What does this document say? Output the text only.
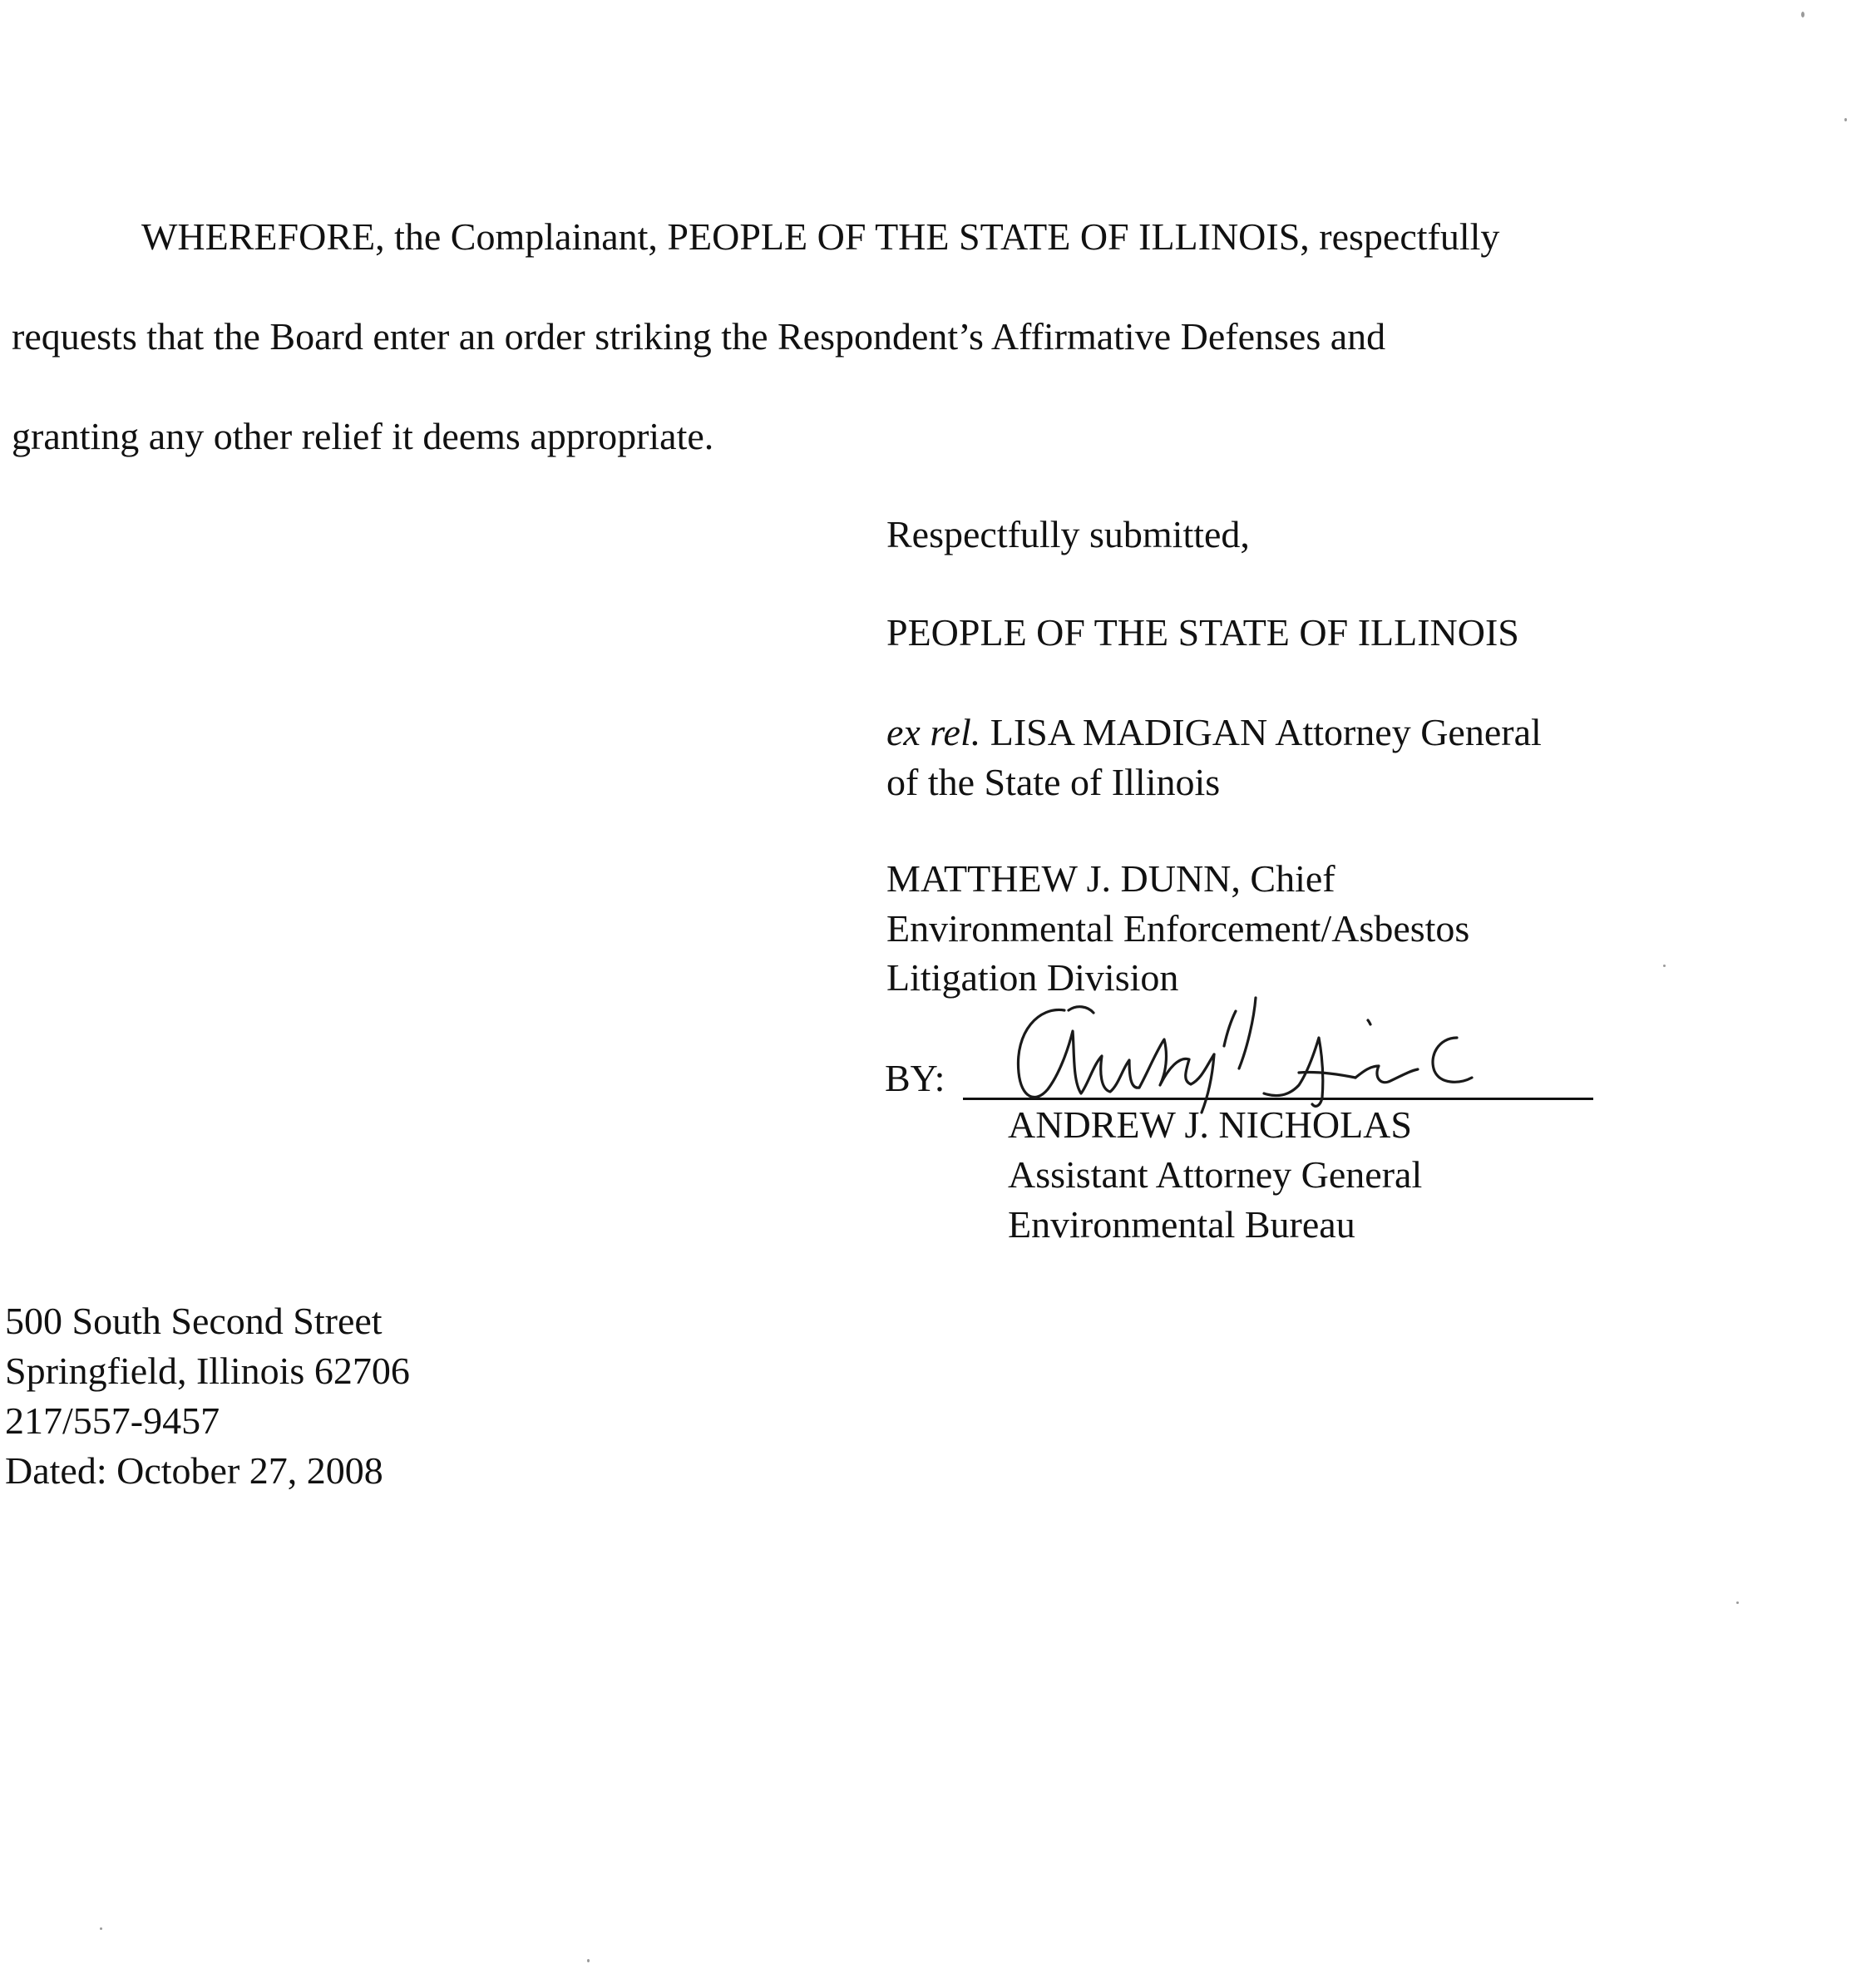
WHEREFORE, the Complainant, PEOPLE OF THE STATE OF ILLINOIS, respectfully
requests that the Board enter an order striking the Respondent’s Affirmative Defenses and
granting any other relief it deems appropriate.
Respectfully submitted,
PEOPLE OF THE STATE OF ILLINOIS
ex rel. LISA MADIGAN Attorney General
of the State of Illinois
MATTHEW J. DUNN, Chief
Environmental Enforcement/Asbestos
Litigation Division
BY:
ANDREW J. NICHOLAS
Assistant Attorney General
Environmental Bureau
500 South Second Street
Springfield, Illinois 62706
217/557-9457
Dated: October 27, 2008
